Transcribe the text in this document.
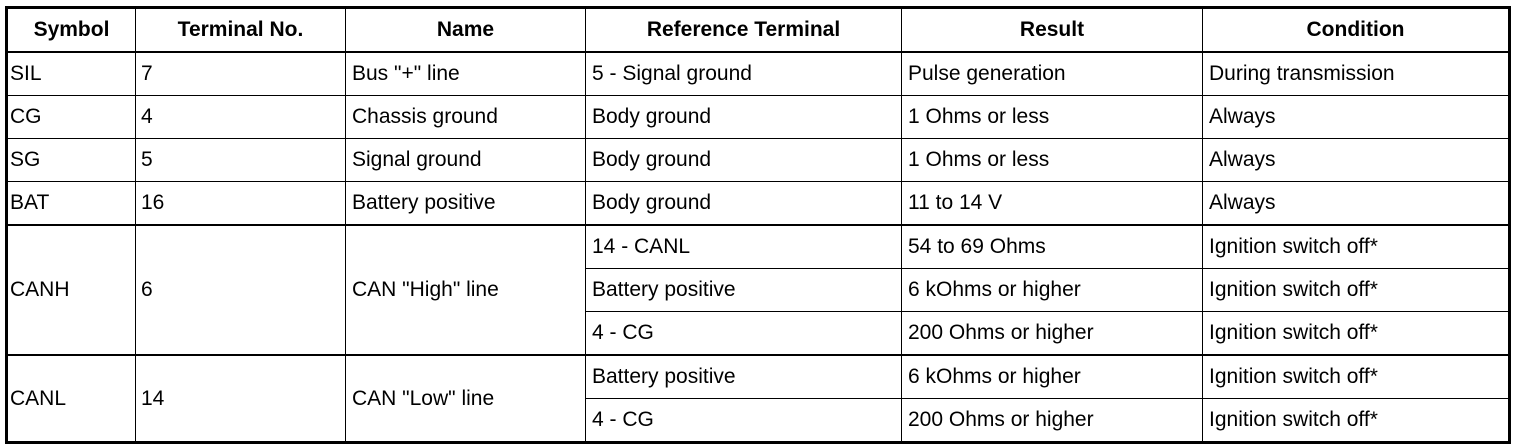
Symbol	Terminal No.	Name	Reference Terminal	Result	Condition
SIL	7	Bus "+" line	5 - Signal ground	Pulse generation	During transmission
CG	4	Chassis ground	Body ground	1 Ohms or less	Always
SG	5	Signal ground	Body ground	1 Ohms or less	Always
BAT	16	Battery positive	Body ground	11 to 14 V	Always
CANH	6	CAN "High" line	14 - CANL	54 to 69 Ohms	Ignition switch off*
			Battery positive	6 kOhms or higher	Ignition switch off*
			4 - CG	200 Ohms or higher	Ignition switch off*
CANL	14	CAN "Low" line	Battery positive	6 kOhms or higher	Ignition switch off*
			4 - CG	200 Ohms or higher	Ignition switch off*
